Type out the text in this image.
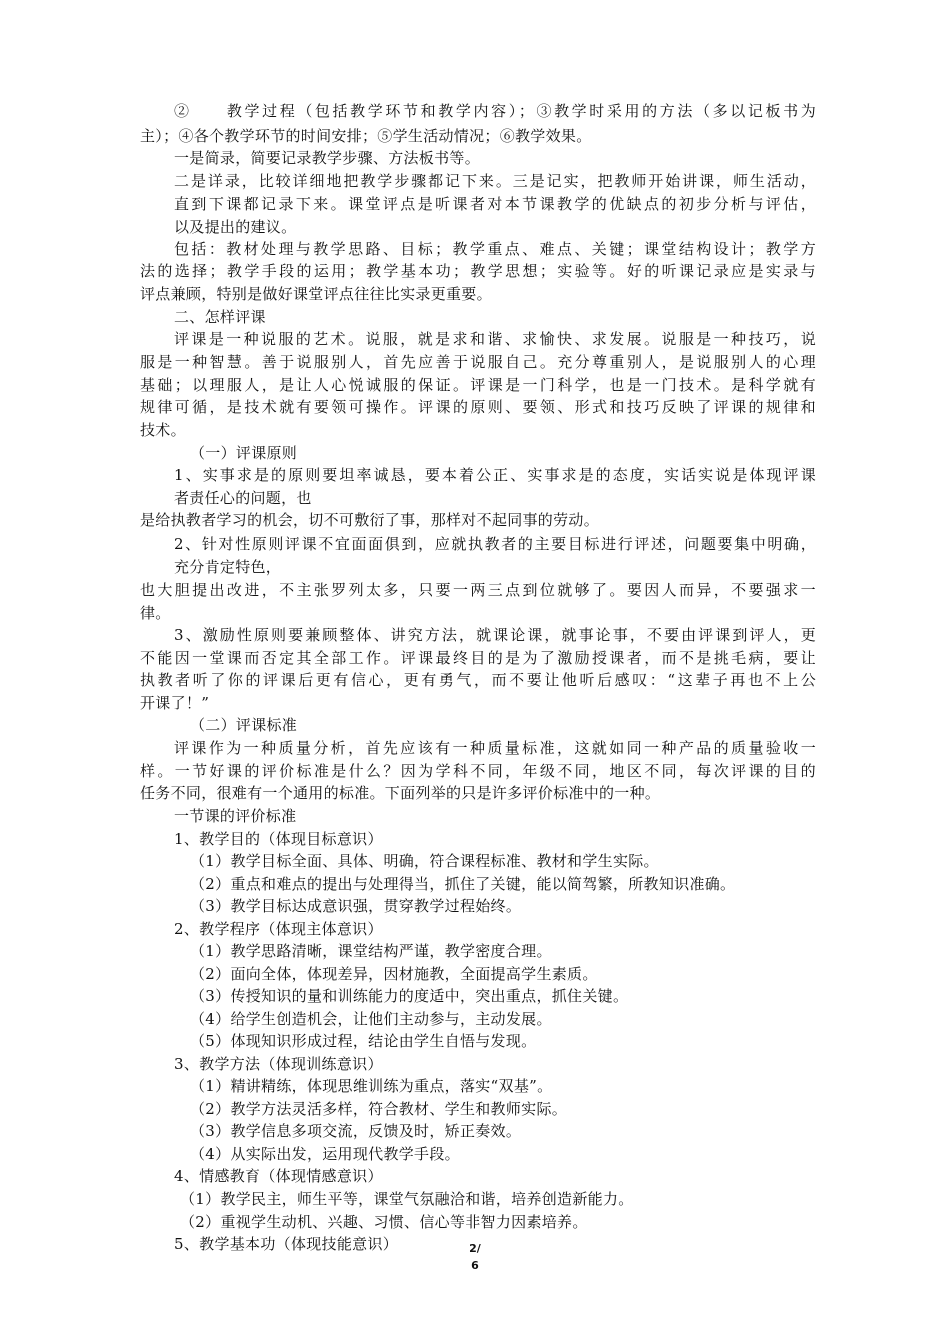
②　　教学过程（包括教学环节和教学内容）；③教学时采用的方法（多以记板书为
主）；④各个教学环节的时间安排；⑤学生活动情况；⑥教学效果。
一是简录，简要记录教学步骤、方法板书等。
二是详录，比较详细地把教学步骤都记下来。三是记实，把教师开始讲课，师生活动，
直到下课都记录下来。课堂评点是听课者对本节课教学的优缺点的初步分析与评估，
以及提出的建议。
包括：教材处理与教学思路、目标；教学重点、难点、关键；课堂结构设计；教学方
法的选择；教学手段的运用；教学基本功；教学思想；实验等。好的听课记录应是实录与
评点兼顾，特别是做好课堂评点往往比实录更重要。
二、怎样评课
评课是一种说服的艺术。说服，就是求和谐、求愉快、求发展。说服是一种技巧，说
服是一种智慧。善于说服别人，首先应善于说服自己。充分尊重别人，是说服别人的心理
基础；以理服人，是让人心悦诚服的保证。评课是一门科学，也是一门技术。是科学就有
规律可循，是技术就有要领可操作。评课的原则、要领、形式和技巧反映了评课的规律和
技术。
（一）评课原则
1、实事求是的原则要坦率诚恳，要本着公正、实事求是的态度，实话实说是体现评课
者责任心的问题，也
是给执教者学习的机会，切不可敷衍了事，那样对不起同事的劳动。
2、针对性原则评课不宜面面俱到，应就执教者的主要目标进行评述，问题要集中明确，
充分肯定特色，
也大胆提出改进，不主张罗列太多，只要一两三点到位就够了。要因人而异，不要强求一
律。
3、激励性原则要兼顾整体、讲究方法，就课论课，就事论事，不要由评课到评人，更
不能因一堂课而否定其全部工作。评课最终目的是为了激励授课者，而不是挑毛病，要让
执教者听了你的评课后更有信心，更有勇气，而不要让他听后感叹：“这辈子再也不上公
开课了！”
（二）评课标准
评课作为一种质量分析，首先应该有一种质量标准，这就如同一种产品的质量验收一
样。一节好课的评价标准是什么？因为学科不同，年级不同，地区不同，每次评课的目的
任务不同，很难有一个通用的标准。下面列举的只是许多评价标准中的一种。
一节课的评价标准
1、教学目的（体现目标意识）
（1）教学目标全面、具体、明确，符合课程标准、教材和学生实际。
（2）重点和难点的提出与处理得当，抓住了关键，能以简驾繁，所教知识准确。
（3）教学目标达成意识强，贯穿教学过程始终。
2、教学程序（体现主体意识）
（1）教学思路清晰，课堂结构严谨，教学密度合理。
（2）面向全体，体现差异，因材施教，全面提高学生素质。
（3）传授知识的量和训练能力的度适中，突出重点，抓住关键。
（4）给学生创造机会，让他们主动参与，主动发展。
（5）体现知识形成过程，结论由学生自悟与发现。
3、教学方法（体现训练意识）
（1）精讲精练，体现思维训练为重点，落实“双基”。
（2）教学方法灵活多样，符合教材、学生和教师实际。
（3）教学信息多项交流，反馈及时，矫正奏效。
（4）从实际出发，运用现代教学手段。
4、情感教育（体现情感意识）
（1）教学民主，师生平等，课堂气氛融洽和谐，培养创造新能力。
（2）重视学生动机、兴趣、习惯、信心等非智力因素培养。
5、教学基本功（体现技能意识）	2/
6
